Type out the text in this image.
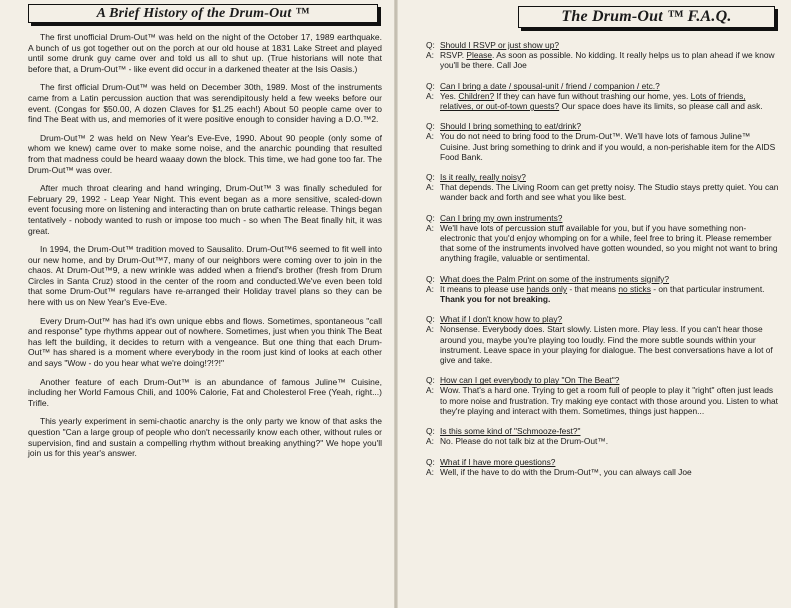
A Brief History of the Drum-Out ™

The first unofficial Drum-Out™ was held on the night of the October 17, 1989 earthquake. A bunch of us got together out on the porch at our old house at 1831 Lake Street and played until some drunk guy came over and told us all to shut up. (True historians will note that before that, a Drum-Out™ - like event did occur in a darkened theater at the Isis Oasis.)

The first official Drum-Out™ was held on December 30th, 1989. Most of the instruments came from a Latin percussion auction that was serendipitously held a few weeks before our event. (Congas for $50.00, A dozen Claves for $1.25 each!) About 50 people came over to find The Beat with us, and memories of it were positive enough to consider having a D.O.™2.

Drum-Out™ 2 was held on New Year's Eve-Eve, 1990. About 90 people (only some of whom we knew) came over to make some noise, and the anarchic pounding that resulted from that madness could be heard waaay down the block. This time, we had gone too far. The Drum-Out™ was over.

After much throat clearing and hand wringing, Drum-Out™ 3 was finally scheduled for February 29, 1992 - Leap Year Night. This event began as a more sensitive, scaled-down event focusing more on listening and interacting than on brute cathartic release. Things began tentatively - nobody wanted to rush or impose too much - so when The Beat finally hit, it was great.

In 1994, the Drum-Out™ tradition moved to Sausalito. Drum-Out™6 seemed to fit well into our new home, and by Drum-Out™7, many of our neighbors were coming over to join in the chaos. At Drum-Out™9, a new wrinkle was added when a friend's brother (fresh from Drum Circles in Santa Cruz) stood in the center of the room and conducted.We've even been told that some Drum-Out™ regulars have re-arranged their Holiday travel plans so they can be here with us on New Year's Eve-Eve.

Every Drum-Out™ has had it's own unique ebbs and flows. Sometimes, spontaneous "call and response" type rhythms appear out of nowhere. Sometimes, just when you think The Beat has left the building, it decides to return with a vengeance. But one thing that each Drum-Out™ has shared is a moment where everybody in the room just kind of looks at each other and says "Wow - do you hear what we're doing!?!?!"

Another feature of each Drum-Out™ is an abundance of famous Juline™ Cuisine, including her World Famous Chili, and 100% Calorie, Fat and Cholesterol Free (Yeah, right...) Trifle.

This yearly experiment in semi-chaotic anarchy is the only party we know of that asks the question "Can a large group of people who don't necessarily know each other, without rules or supervision, find and sustain a compelling rhythm without breaking anything?" We hope you'll join us for this year's answer.

The Drum-Out ™ F.A.Q.
Q: Should I RSVP or just show up?
A: RSVP. Please. As soon as possible. No kidding. It really helps us to plan ahead if we know you'll be there. Call Joe
Q: Can I bring a date / spousal-unit / friend / companion / etc.?
A: Yes. Children? If they can have fun without trashing our home, yes. Lots of friends, relatives, or out-of-town guests? Our space does have its limits, so please call and ask.
Q: Should I bring something to eat/drink?
A: You do not need to bring food to the Drum-Out™. We'll have lots of famous Juline™ Cuisine. Just bring something to drink and if you would, a non-perishable item for the AIDS Food Bank.
Q: Is it really, really noisy?
A: That depends. The Living Room can get pretty noisy. The Studio stays pretty quiet. You can wander back and forth and see what you like best.
Q: Can I bring my own instruments?
A: We'll have lots of percussion stuff available for you, but if you have something non-electronic that you'd enjoy whomping on for a while, feel free to bring it. Please remember that some of the instruments involved have gotten wounded, so you might not want to bring anything fragile, valuable or sentimental.
Q: What does the Palm Print on some of the instruments signify?
A: It means to please use hands only - that means no sticks - on that particular instrument. Thank you for not breaking.
Q: What if I don't know how to play?
A: Nonsense. Everybody does. Start slowly. Listen more. Play less. If you can't hear those around you, maybe you're playing too loudly. Find the more subtle sounds within your instrument. Leave space in your playing for dialogue. The best conversations have a lot of give and take.
Q: How can I get everybody to play "On The Beat"?
A: Wow. That's a hard one. Trying to get a room full of people to play it "right" often just leads to more noise and frustration. Try making eye contact with those around you. Listen to what they're playing and interact with them. Sometimes, things just happen...
Q: Is this some kind of "Schmooze-fest?"
A: No. Please do not talk biz at the Drum-Out™.
Q: What if I have more questions?
A: Well, if the have to do with the Drum-Out™, you can always call Joe
